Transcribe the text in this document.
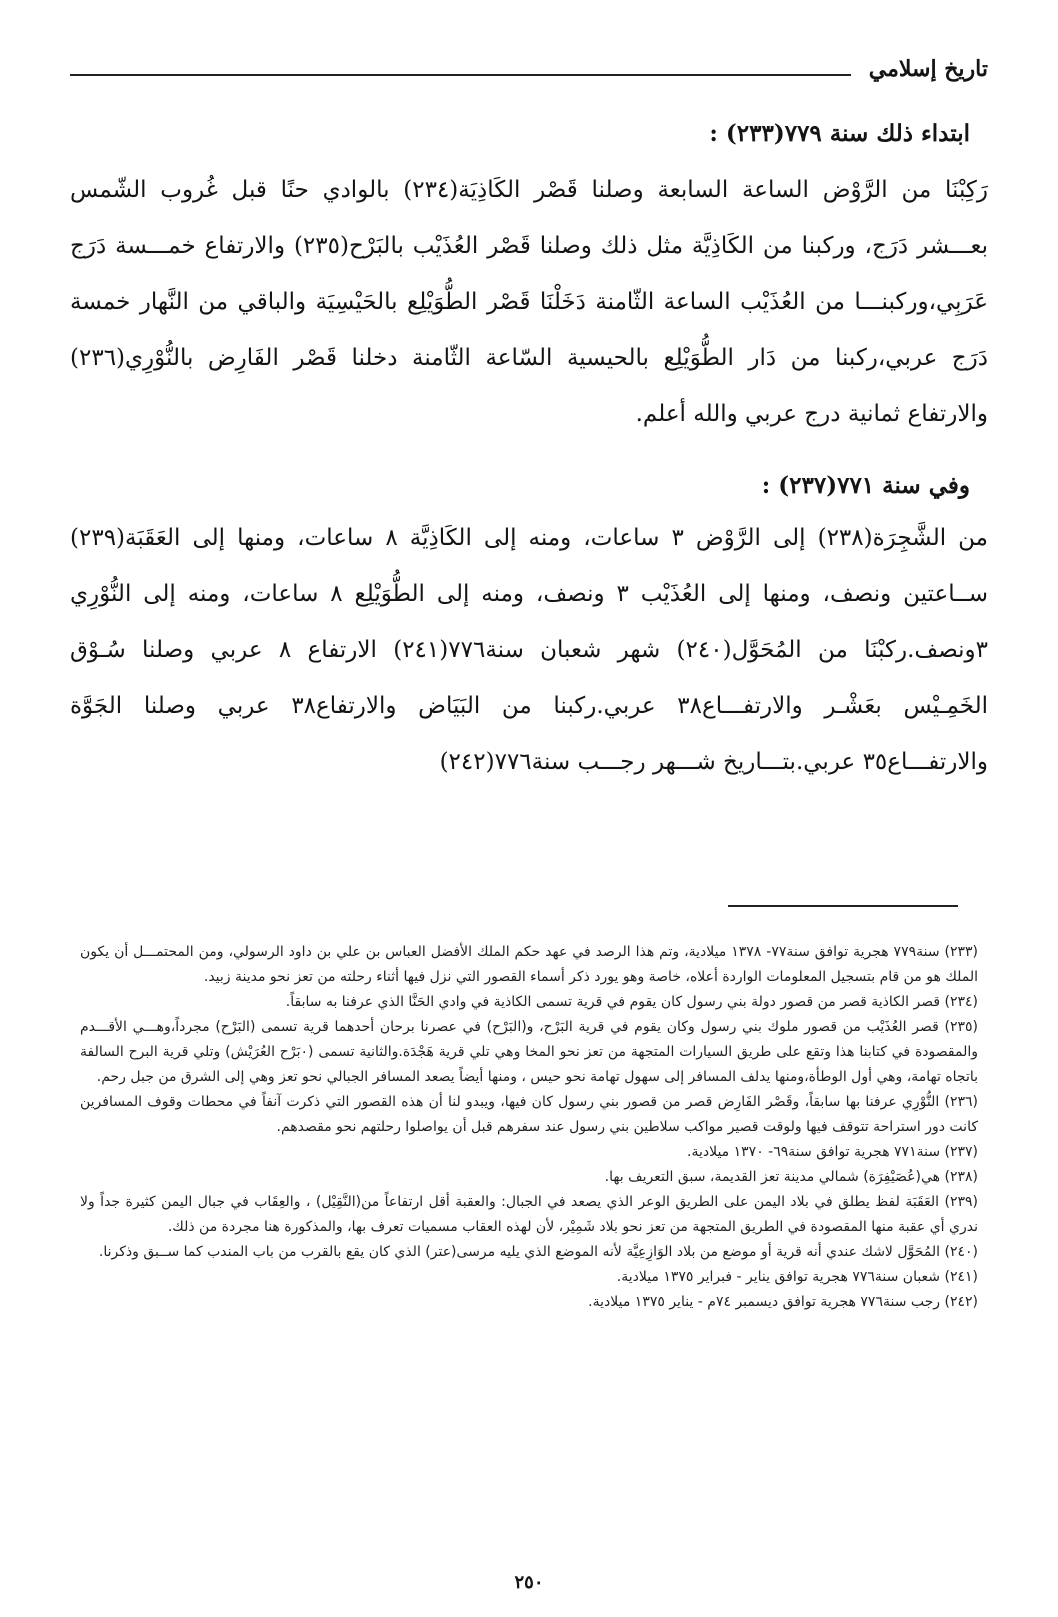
تاريخ إسلامي
ابتداء ذلك سنة ٧٧٩(٢٣٣) :

رَكِبْنَا من الرَّوْض الساعة السابعة وصلنا قَصْر الكَاذِيَة(٢٣٤) بالوادي حنًا قبل غُروب الشّمس بعـــشر دَرَج، وركبنا من الكَاذِيَّة مثل ذلك وصلنا قَصْر العُذَيْب بالبَرْح(٢٣٥) والارتفاع خمـــسة دَرَج عَرَبِي،وركبنـــا من العُذَيْب الساعة الثّامنة دَخَلْنَا قَصْر الطُّوَيْلِع بالحَيْسِيَة والباقي من النَّهار خمسة دَرَج عربي،ركبنا من دَار الطُّوَيْلِع بالحيسية السّاعة الثّامنة دخلنا قَصْر الفَارِض بالنُّوْرِي(٢٣٦) والارتفاع ثمانية درج عربي والله أعلم.

وفي سنة ٧٧١(٢٣٧) :

من الشَّجِرَة(٢٣٨) إلى الرَّوْض ٣ ساعات، ومنه إلى الكَاذِيَّة ٨ ساعات، ومنها إلى العَقَبَة(٢٣٩) ســاعتين ونصف، ومنها إلى العُذَيْب ٣ ونصف، ومنه إلى الطُّوَيْلِع ٨ ساعات، ومنه إلى النُّوْرِي ٣ونصف.ركبْنَا من المُحَوَّل(٢٤٠) شهر شعبان سنة٧٧٦(٢٤١) الارتفاع ٨ عربي وصلنا سُـوْق الخَمِـيْس بعَشْـر والارتفـــاع٣٨ عربي.ركبنا من البَيَاض والارتفاع٣٨ عربي وصلنا الجَوَّة والارتفـــاع٣٥ عربي.بتـــاريخ شـــهر رجـــب سنة٧٧٦(٢٤٢)

(٢٣٣) سنة٧٧٩ هجرية توافق سنة٧٧- ١٣٧٨ ميلادية، وتم هذا الرصد في عهد حكم الملك الأفضل العباس بن علي بن داود الرسولي، ومن المحتمـــل أن يكون الملك هو من قام بتسجيل المعلومات الواردة أعلاه، خاصة وهو يورد ذكر أسماء القصور التي نزل فيها أثناء رحلته من تعز نحو مدينة زبيد.

(٢٣٤) قصر الكاذية قصر من قصور دولة بني رسول كان يقوم في قرية تسمى الكاذية في وادي الحَنَّا الذي عرفنا به سابقاً.

(٢٣٥) قصر العُذَيْب من قصور ملوك بني رسول وكان يقوم في قرية البَرْح، و(البَرْح) في عصرنا برحان أحدهما قرية تسمى (البَرْح) مجرداً،وهـــي الأقـــدم والمقصودة في كتابنا هذا وتقع على طريق السيارات المتجهة من تعز نحو المخا وهي تلي قرية هَجْدَة.والثانية تسمى (٠بَرْح العُرَيْش) وتلي قرية البرح السالفة باتجاه تهامة، وهي أول الوطأة،ومنها يدلف المسافر إلى سهول تهامة نحو حيس ، ومنها أيضاً يصعد المسافر الجبالي نحو تعز وهي إلى الشرق من جبل رحم.

(٢٣٦) النُّوْرِي عرفنا بها سابقاً، وقَصْر الفَارِض قصر من قصور بني رسول كان فيها، ويبدو لنا أن هذه القصور التي ذكرت آنفاً في محطات وقوف المسافرين كانت دور استراحة تتوقف فيها ولوقت قصير مواكب سلاطين بني رسول عند سفرهم قبل أن يواصلوا رحلتهم نحو مقصدهم.

(٢٣٧) سنة٧٧١ هجرية توافق سنة٦٩- ١٣٧٠ ميلادية.

(٢٣٨) هي(عُصَيْفِرَة) شمالي مدينة تعز القديمة، سبق التعريف بها.

(٢٣٩) العَقَبَة لفظ يطلق في بلاد اليمن على الطريق الوعر الذي يصعد في الجبال: والعقبة أقل ارتفاعاً من(النَّقِيْل) ، والعِقَاب في جبال اليمن كثيرة جداً ولا ندري أي عقبة منها المقصودة في الطريق المتجهة من تعز نحو بلاد شَمِيْر، لأن لهذه العقاب مسميات تعرف بها، والمذكورة هنا مجردة من ذلك.

(٢٤٠) المُحَوَّل لاشك عندي أنه قرية أو موضع من بلاد الوَازِعِيَّة لأنه الموضع الذي يليه مرسى(عتر) الذي كان يقع بالقرب من باب المندب كما ســبق وذكرنا.

(٢٤١) شعبان سنة٧٧٦ هجرية توافق يناير - فبراير ١٣٧٥ ميلادية.

(٢٤٢) رجب سنة٧٧٦ هجرية توافق ديسمبر ٧٤م - يناير ١٣٧٥ ميلادية.

٢٥٠
